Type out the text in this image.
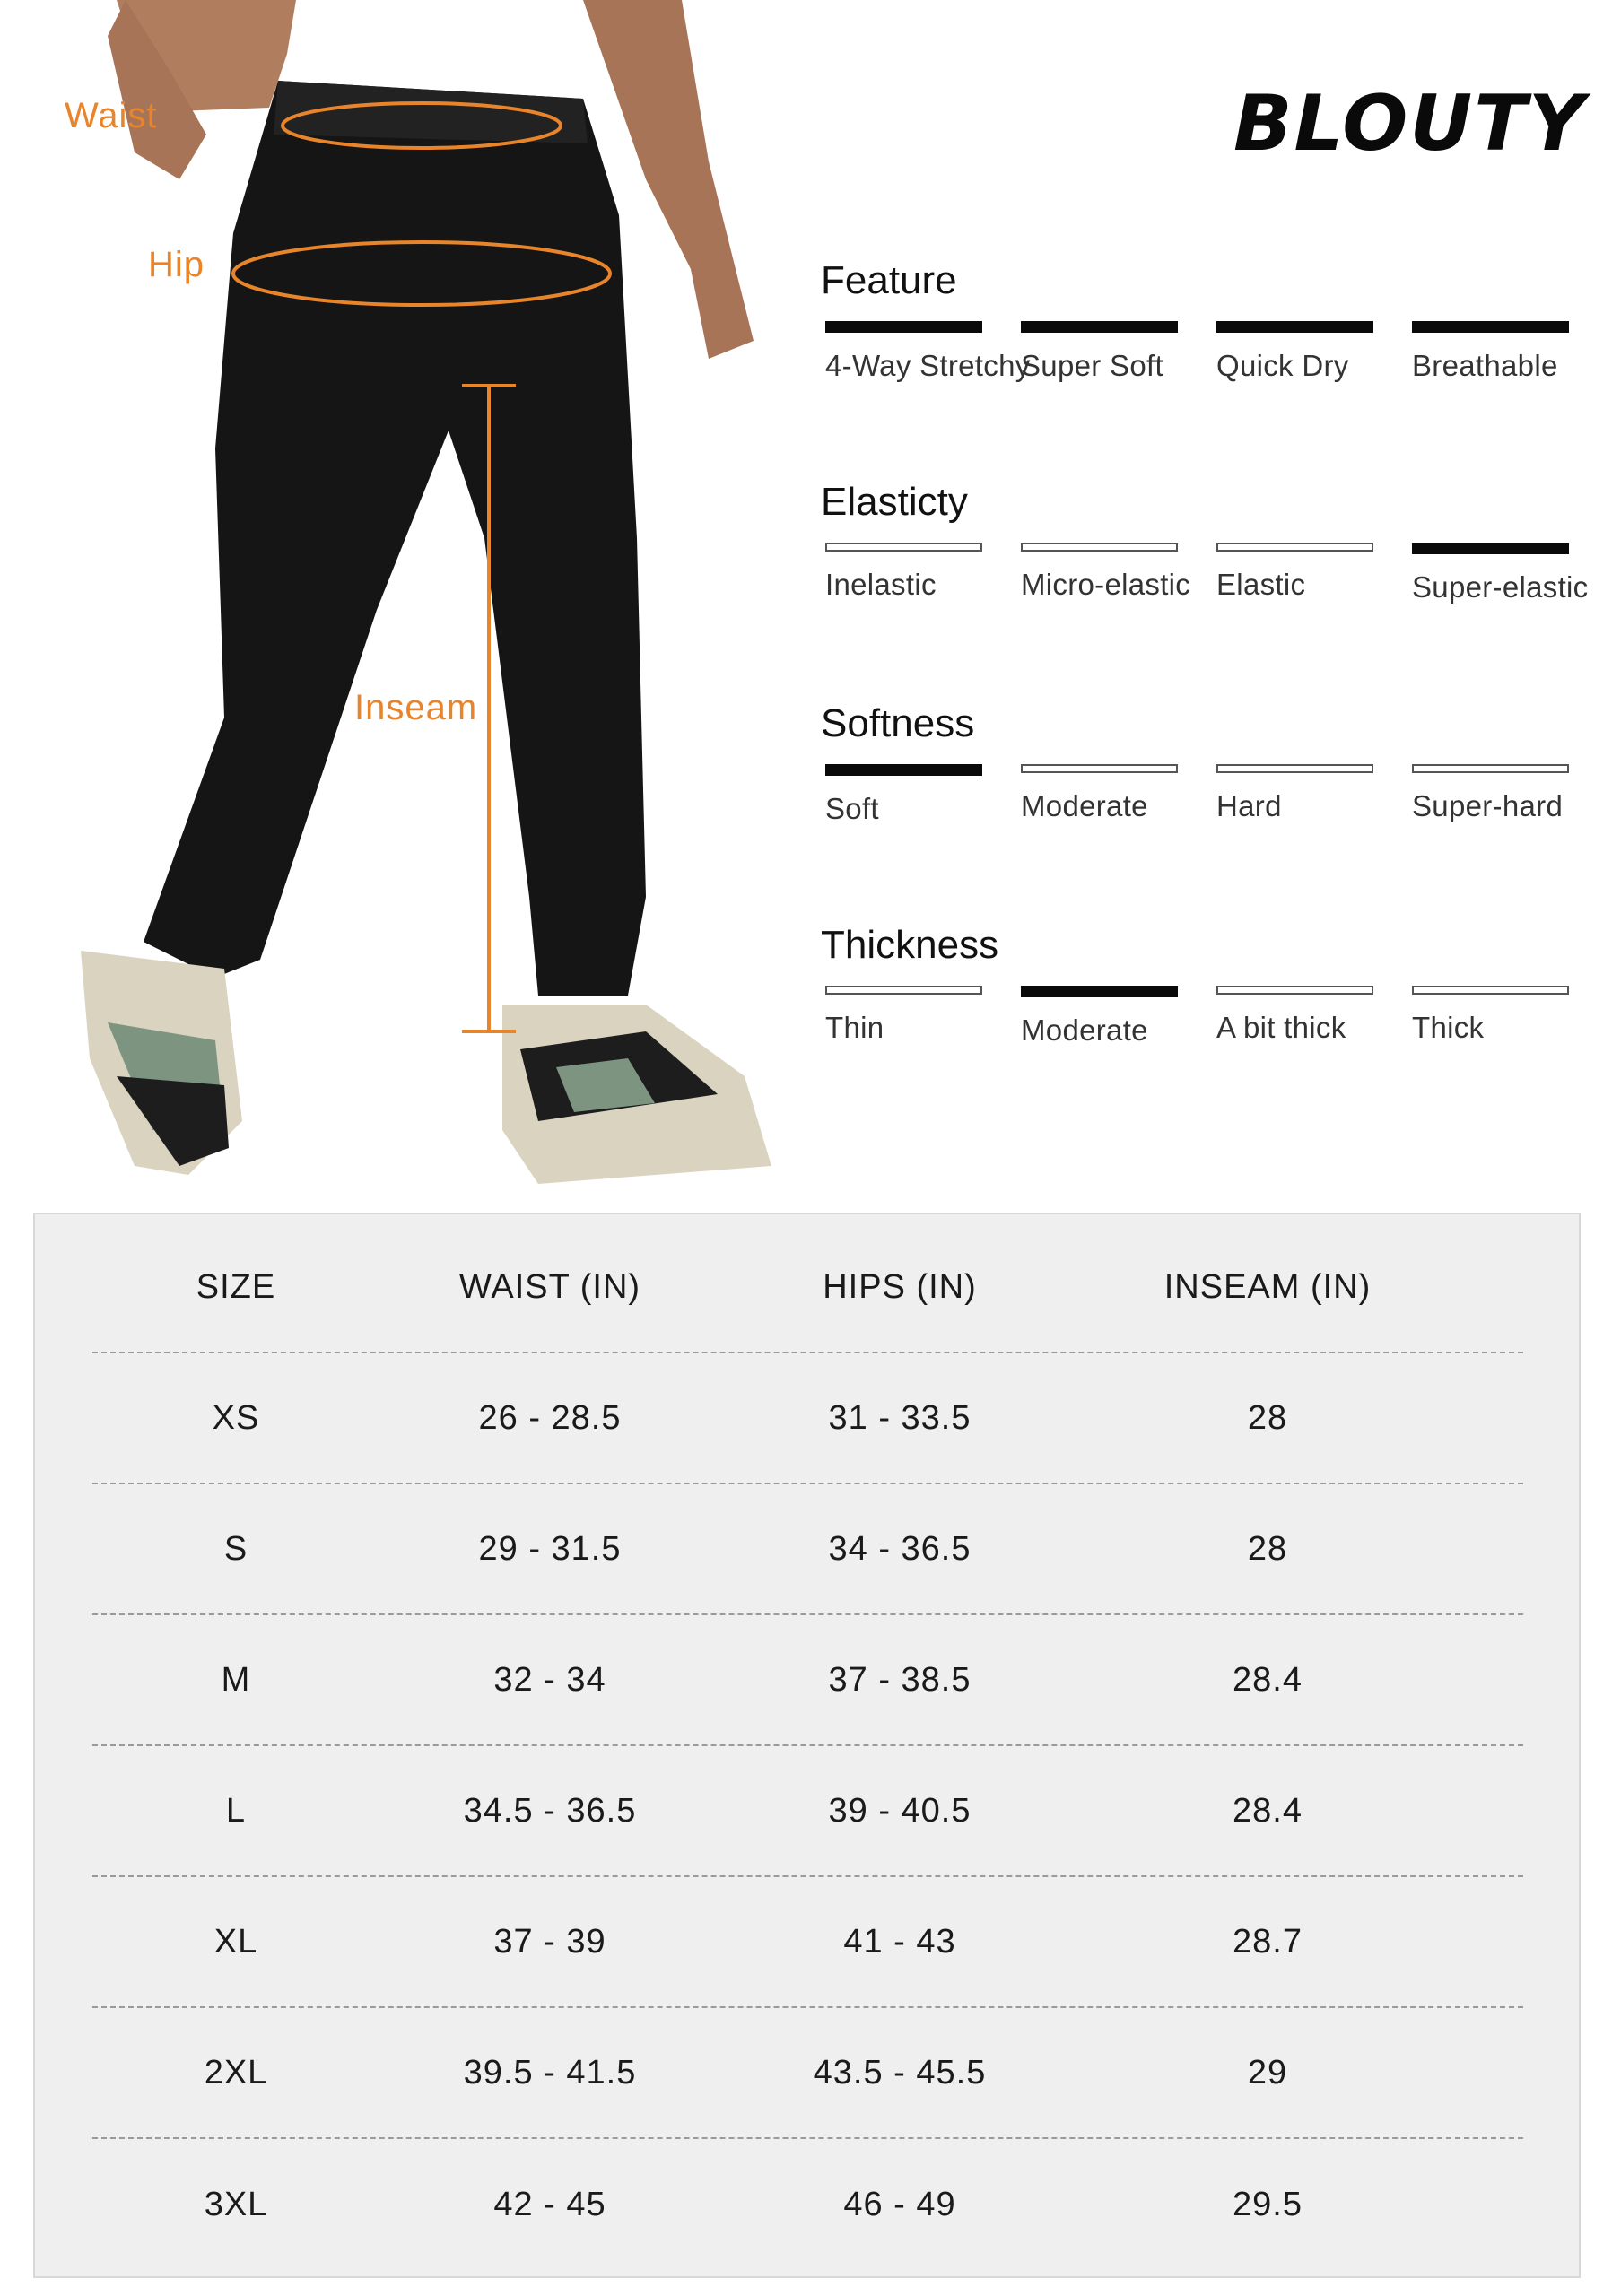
Waist
Hip
Inseam
BLOUTY
Feature
4-Way Stretchy
Super Soft	Quick Dry	Breathable
Elasticty
Inelastic	Micro-elastic Elastic	Super-elastic
Softness
Soft	Moderate	Hard	Super-hard
Thickness
Thin	Moderate	A bit thick	Thick
SIZE	WAIST (IN)	HIPS (IN)	INSEAM (IN)
XS	26 - 28.5	31 - 33.5	28
S	29 - 31.5	34 - 36.5	28
M	32 - 34	37 - 38.5	28.4
L	34.5 - 36.5	39 - 40.5	28.4
XL	37 - 39	41 - 43	28.7
2XL	39.5 - 41.5	43.5 - 45.5	29
3XL	42 - 45	46 - 49	29.5
